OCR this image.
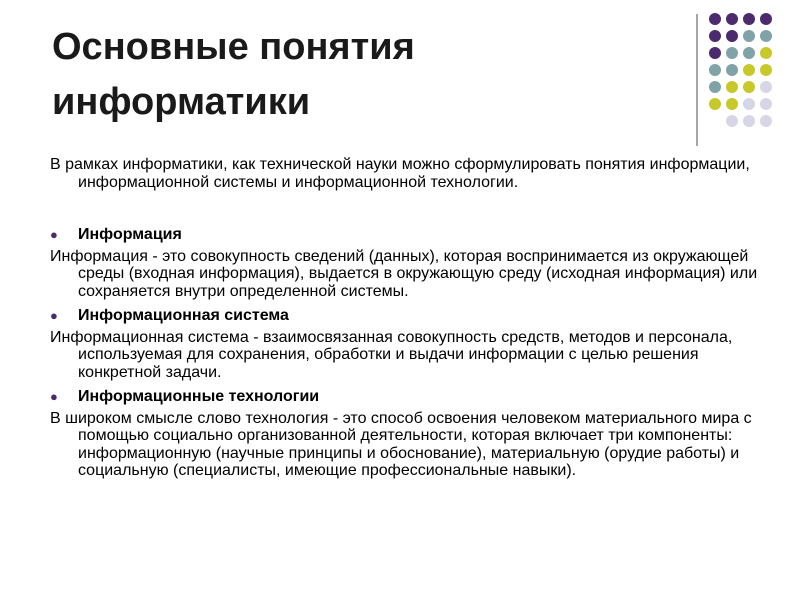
Основные понятия
информатики

В рамках информатики, как технической науки можно сформулировать понятия информации, информационной системы и информационной технологии.

● Информация

Информация - это совокупность сведений (данных), которая воспринимается из окружающей среды (входная информация), выдается в окружающую среду (исходная информация) или сохраняется внутри определенной системы.

● Информационная система

Информационная система - взаимосвязанная совокупность средств, методов и персонала, используемая для сохранения, обработки и выдачи информации с целью решения конкретной задачи.

● Информационные технологии

В широком смысле слово технология - это способ освоения человеком материального мира с помощью социально организованной деятельности, которая включает три компоненты: информационную (научные принципы и обоснование), материальную (орудие работы) и социальную (специалисты, имеющие профессиональные навыки).
